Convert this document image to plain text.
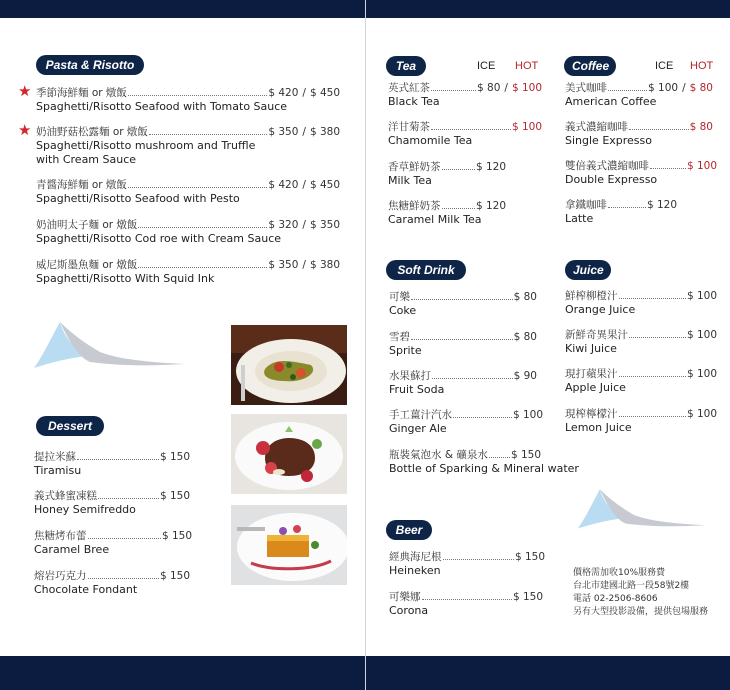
Pasta & Risotto
★ 季節海鮮麵 or 燉飯	$ 420 / $ 450
Spaghetti/Risotto Seafood with Tomato Sauce
★ 奶油野菇松露麵 or 燉飯	$ 350 / $ 380
Spaghetti/Risotto mushroom and Truffle
with Cream Sauce
青醬海鮮麵 or 燉飯	$ 420 / $ 450
Spaghetti/Risotto Seafood with Pesto
奶油明太子麵 or 燉飯	$ 320 / $ 350
Spaghetti/Risotto Cod roe with Cream Sauce
威尼斯墨魚麵 or 燉飯	$ 350 / $ 380
Spaghetti/Risotto With Squid Ink
Dessert
提拉米蘇	$ 150
Tiramisu
義式蜂蜜凍糕	$ 150
Honey Semifreddo
焦糖烤布蕾	$ 150
Caramel Bree
熔岩巧克力	$ 150
Chocolate Fondant
Tea	ICE HOT
英式紅茶	$ 80 / $ 100
Black Tea
洋甘菊茶	$ 100
Chamomile Tea
香草鮮奶茶	$ 120
Milk Tea
焦糖鮮奶茶	$ 120
Caramel Milk Tea
Coffee	ICE HOT
美式咖啡	$ 100 / $ 80
American Coffee
義式濃縮咖啡	$ 80
Single Expresso
雙倍義式濃縮咖啡	$ 100
Double Expresso
拿鐵咖啡	$ 120
Latte
Soft Drink
可樂	$ 80
Coke
雪碧	$ 80
Sprite
水果蘇打	$ 90
Fruit Soda
手工薑汁汽水	$ 100
Ginger Ale
瓶裝氣泡水 & 礦泉水 $ 150
Bottle of Sparking & Mineral water
Juice
鮮榨柳橙汁	$ 100
Orange Juice
新鮮奇異果汁	$ 100
Kiwi Juice
現打蘋果汁	$ 100
Apple Juice
現榨檸檬汁	$ 100
Lemon Juice
Beer
經典海尼根	$ 150
Heineken
可樂娜	$ 150
Corona
價格需加收10%服務費
台北市建國北路一段58號2樓
電話 02-2506-8606
另有大型投影設備，提供包場服務
